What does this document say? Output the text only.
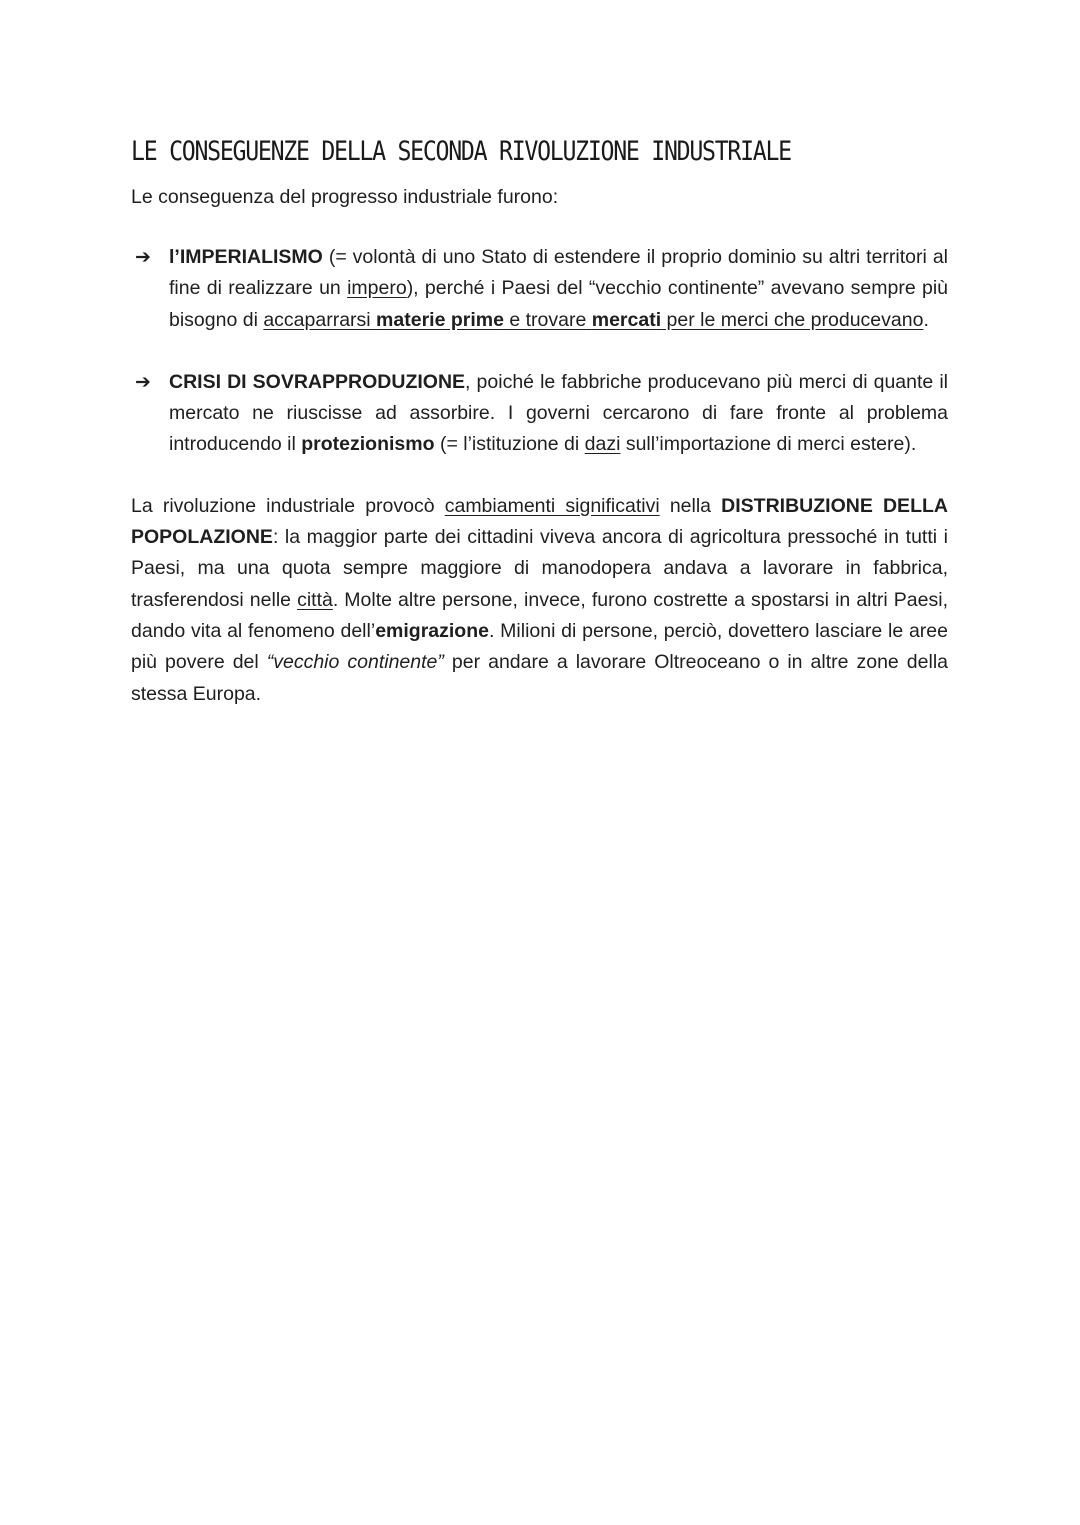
LE CONSEGUENZE DELLA SECONDA RIVOLUZIONE INDUSTRIALE

Le conseguenza del progresso industriale furono:

➔ l’IMPERIALISMO (= volontà di uno Stato di estendere il proprio dominio su altri territori al fine di realizzare un impero), perché i Paesi del “vecchio continente” avevano sempre più bisogno di accaparrarsi materie prime e trovare mercati per le merci che producevano.
➔ CRISI DI SOVRAPPRODUZIONE, poiché le fabbriche producevano più merci di quante il mercato ne riuscisse ad assorbire. I governi cercarono di fare fronte al problema introducendo il protezionismo (= l’istituzione di dazi sull’importazione di merci estere).

La rivoluzione industriale provocò cambiamenti significativi nella DISTRIBUZIONE DELLA POPOLAZIONE: la maggior parte dei cittadini viveva ancora di agricoltura pressoché in tutti i Paesi, ma una quota sempre maggiore di manodopera andava a lavorare in fabbrica, trasferendosi nelle città. Molte altre persone, invece, furono costrette a spostarsi in altri Paesi, dando vita al fenomeno dell’emigrazione. Milioni di persone, perciò, dovettero lasciare le aree più povere del “vecchio continente” per andare a lavorare Oltreoceano o in altre zone della stessa Europa.
